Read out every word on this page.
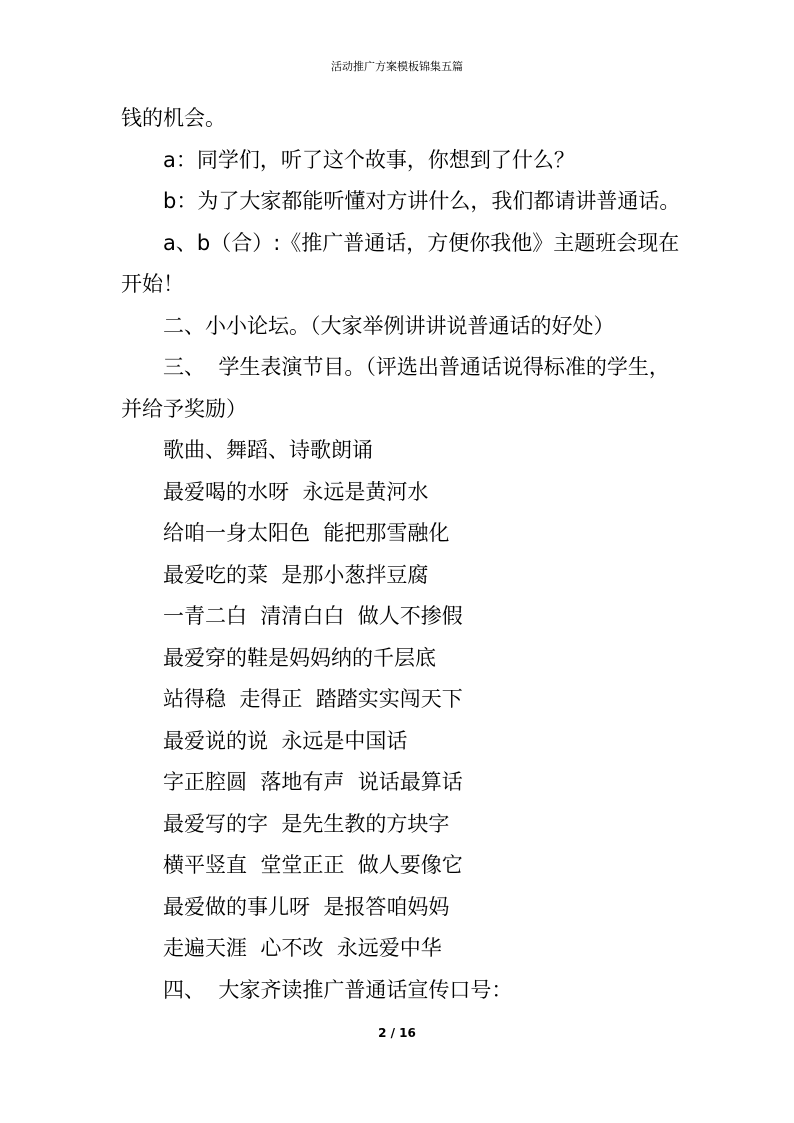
活动推广方案模板锦集五篇
钱的机会。
a：同学们，听了这个故事，你想到了什么？
b：为了大家都能听懂对方讲什么，我们都请讲普通话。
a、b（合）:《推广普通话，方便你我他》主题班会现在
开始！
二、小小论坛。（大家举例讲讲说普通话的好处）
三、  学生表演节目。（评选出普通话说得标准的学生，
并给予奖励）
歌曲、舞蹈、诗歌朗诵
最爱喝的水呀  永远是黄河水
给咱一身太阳色  能把那雪融化
最爱吃的菜  是那小葱拌豆腐
一青二白  清清白白  做人不掺假
最爱穿的鞋是妈妈纳的千层底
站得稳  走得正  踏踏实实闯天下
最爱说的说  永远是中国话
字正腔圆  落地有声  说话最算话
最爱写的字  是先生教的方块字
横平竖直  堂堂正正  做人要像它
最爱做的事儿呀  是报答咱妈妈
走遍天涯  心不改  永远爱中华
四、  大家齐读推广普通话宣传口号：
2 / 16
